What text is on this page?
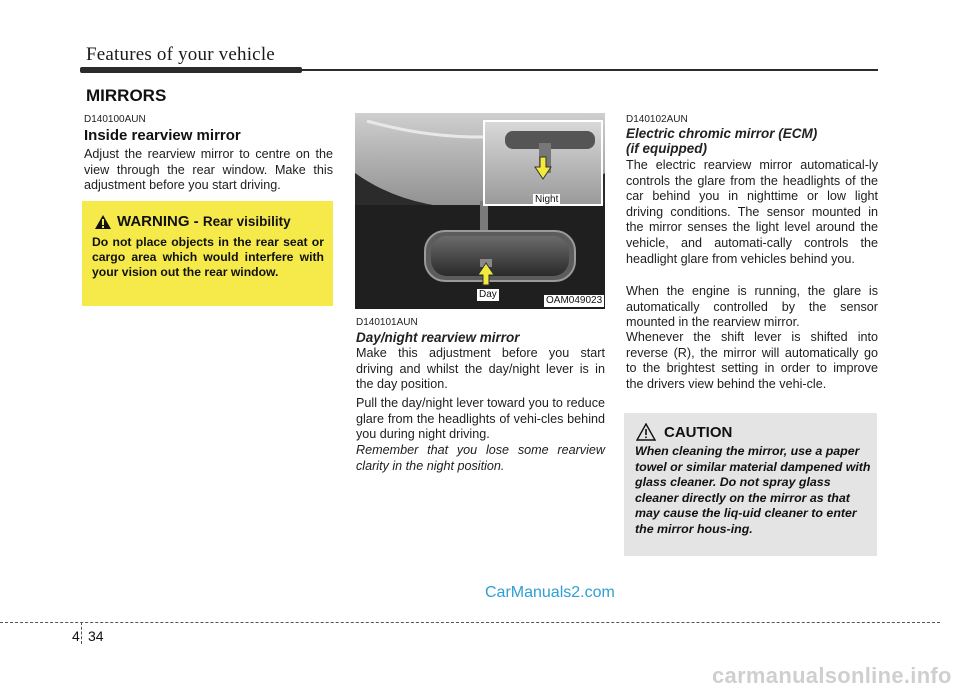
Features of your vehicle
MIRRORS
D140100AUN
Inside rearview mirror
Adjust the rearview mirror to centre on the view through the rear window. Make this adjustment before you start driving.
WARNING - Rear visibility
Do not place objects in the rear seat or cargo area which would interfere with your vision out the rear window.
Night
Day
OAM049023
D140101AUN
Day/night rearview mirror
Make this adjustment before you start driving and whilst the day/night lever is in the day position.
Pull the day/night lever toward you to reduce glare from the headlights of vehi-cles behind you during night driving.
Remember that you lose some rearview clarity in the night position.
D140102AUN
Electric chromic mirror (ECM)
(if equipped)
The electric rearview mirror automatical-ly controls the glare from the headlights of the car behind you in nighttime or low light driving conditions. The sensor mounted in the mirror senses the light level around the vehicle, and automati-cally controls the headlight glare from vehicles behind you.
When the engine is running, the glare is automatically controlled by the sensor mounted in the rearview mirror.
Whenever the shift lever is shifted into reverse (R), the mirror will automatically go to the brightest setting in order to improve the drivers view behind the vehi-cle.
CAUTION
When cleaning the mirror, use a paper towel or similar material dampened with glass cleaner. Do not spray glass cleaner directly on the mirror as that may cause the liq-uid cleaner to enter the mirror hous-ing.
CarManuals2.com
4 34
carmanualsonline.info
